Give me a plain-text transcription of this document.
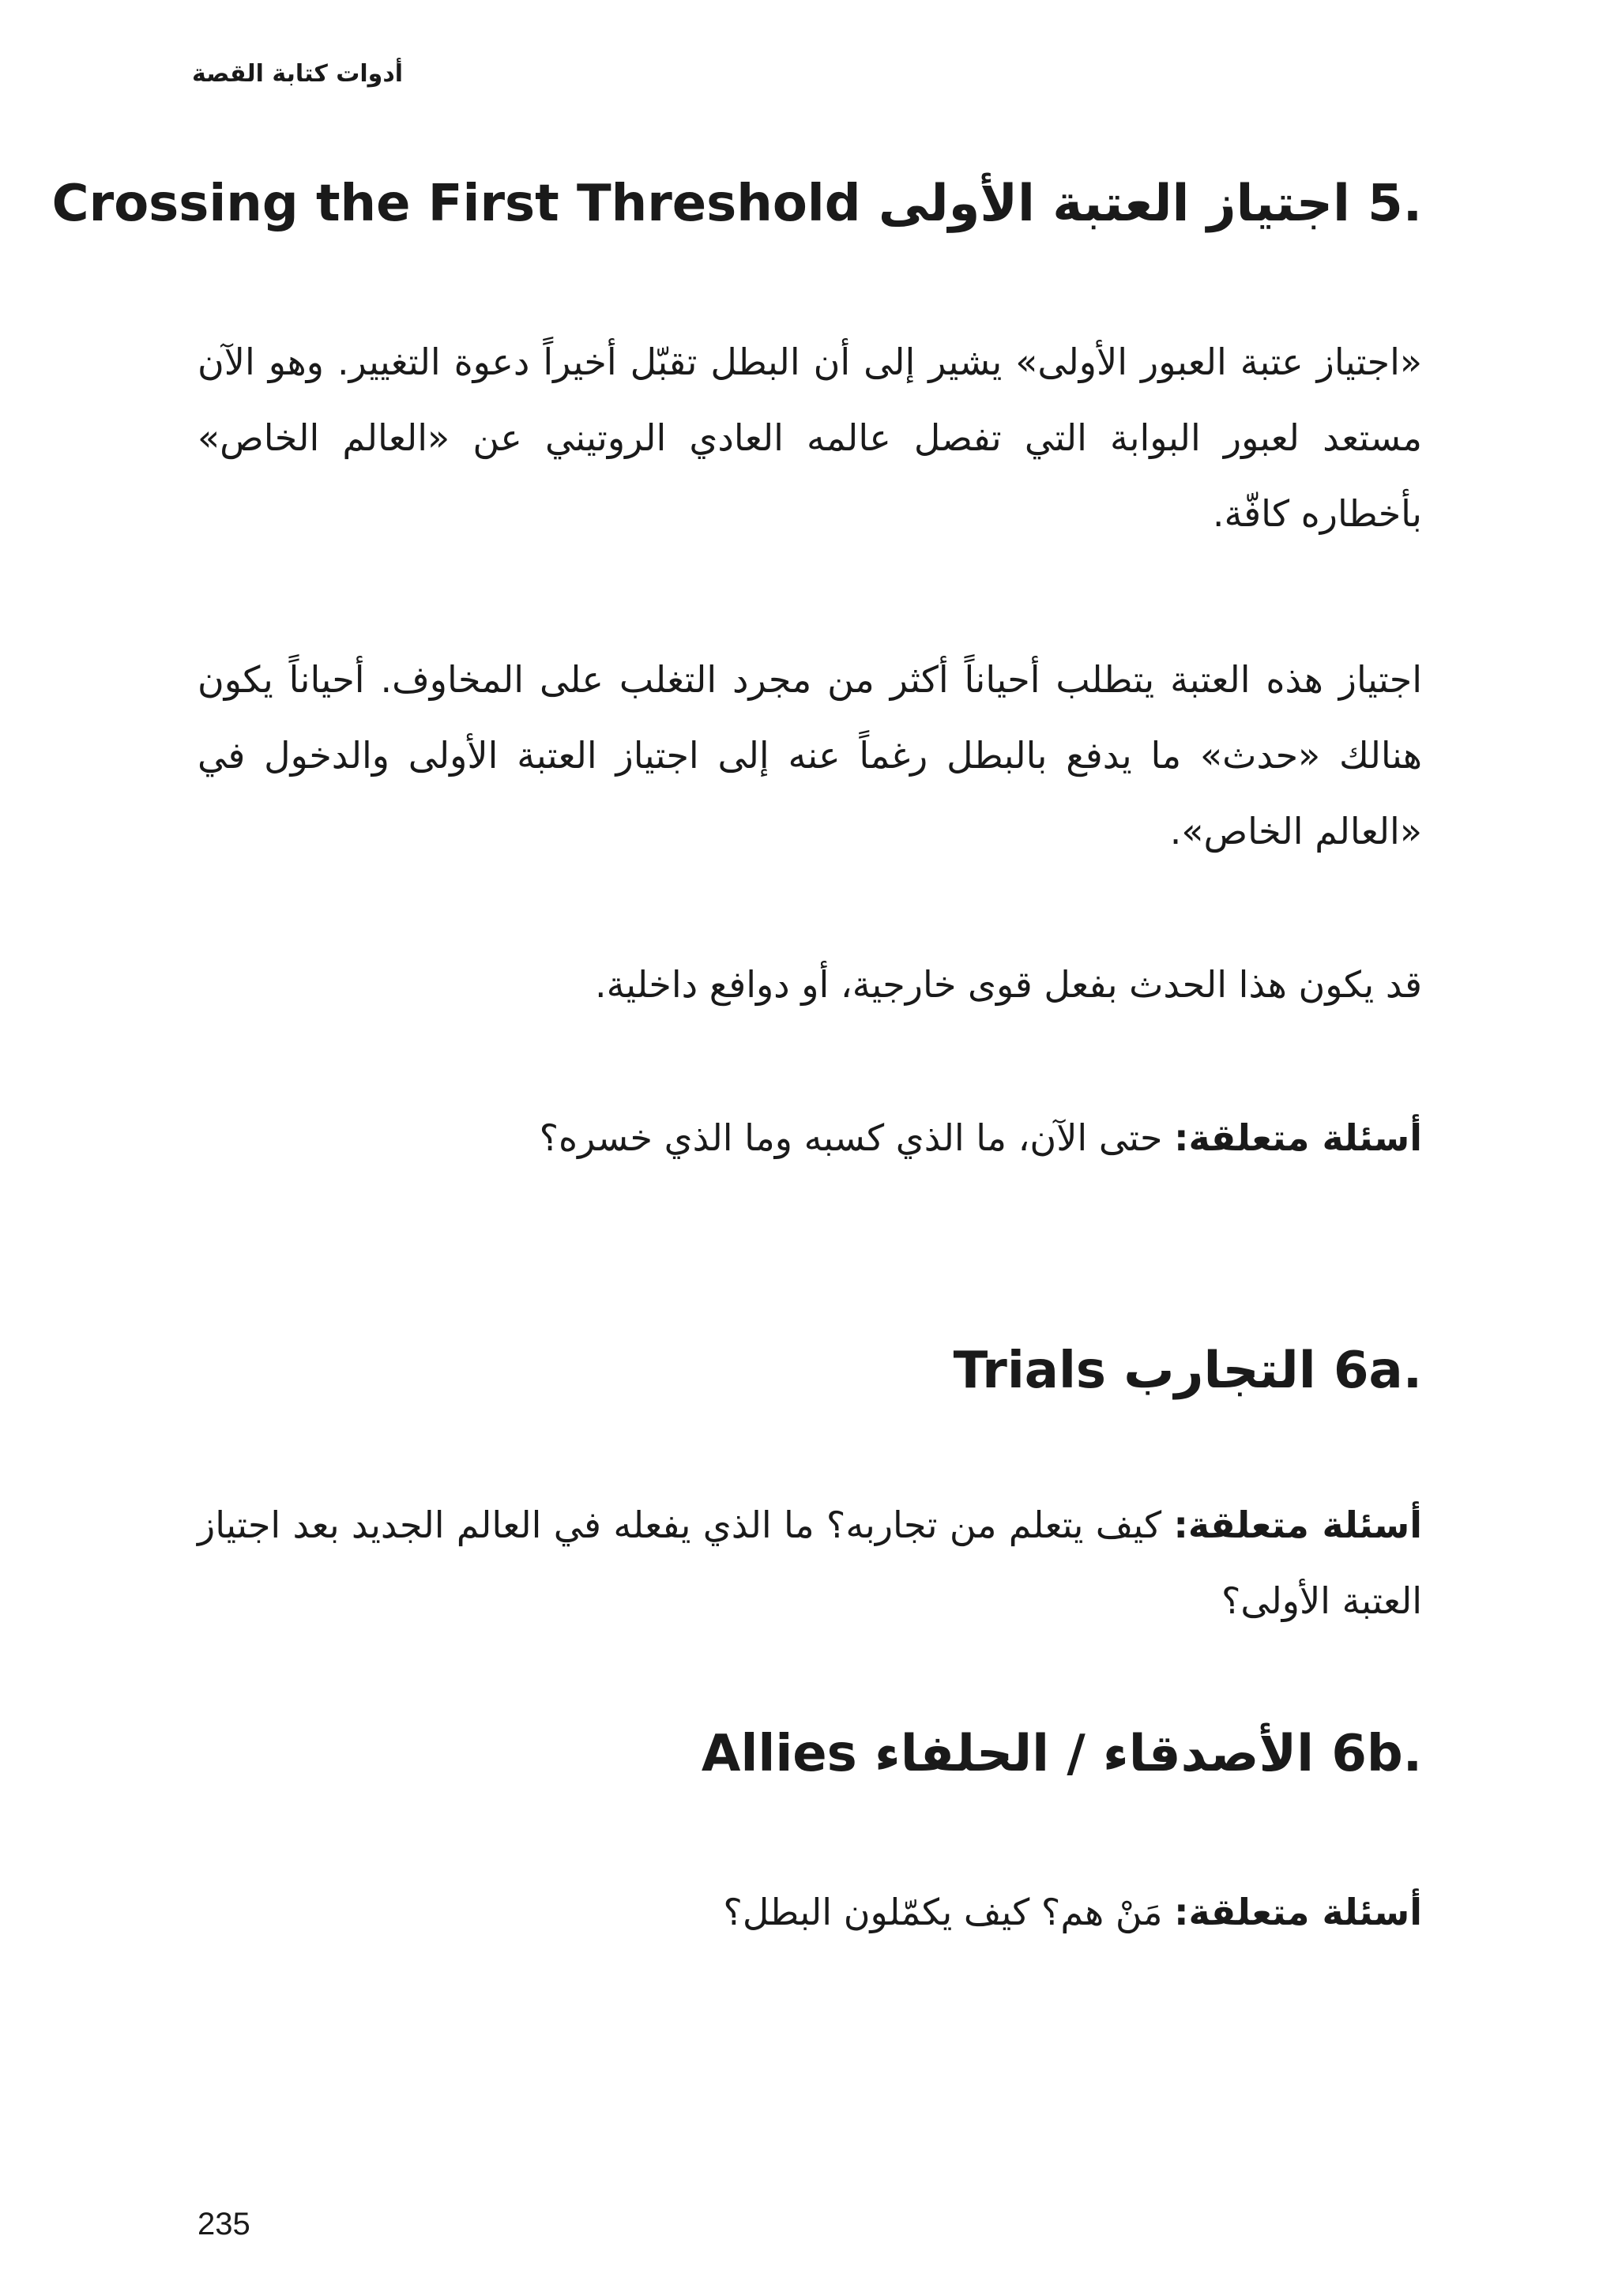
أدوات كتابة القصة
5. اجتياز العتبة الأولى Crossing the First Threshold

«اجتياز عتبة العبور الأولى» يشير إلى أن البطل تقبّل أخيراً دعوة التغيير. وهو الآن مستعد لعبور البوابة التي تفصل عالمه العادي الروتيني عن «العالم الخاص» بأخطاره كافّة.

اجتياز هذه العتبة يتطلب أحياناً أكثر من مجرد التغلب على المخاوف. أحياناً يكون هنالك «حدث» ما يدفع بالبطل رغماً عنه إلى اجتياز العتبة الأولى والدخول في «العالم الخاص».

قد يكون هذا الحدث بفعل قوى خارجية، أو دوافع داخلية.

أسئلة متعلقة: حتى الآن، ما الذي كسبه وما الذي خسره؟

6a. التجارب Trials

أسئلة متعلقة: كيف يتعلم من تجاربه؟ ما الذي يفعله في العالم الجديد بعد اجتياز العتبة الأولى؟

6b. الأصدقاء / الحلفاء Allies

أسئلة متعلقة: مَنْ هم؟ كيف يكمّلون البطل؟

235
